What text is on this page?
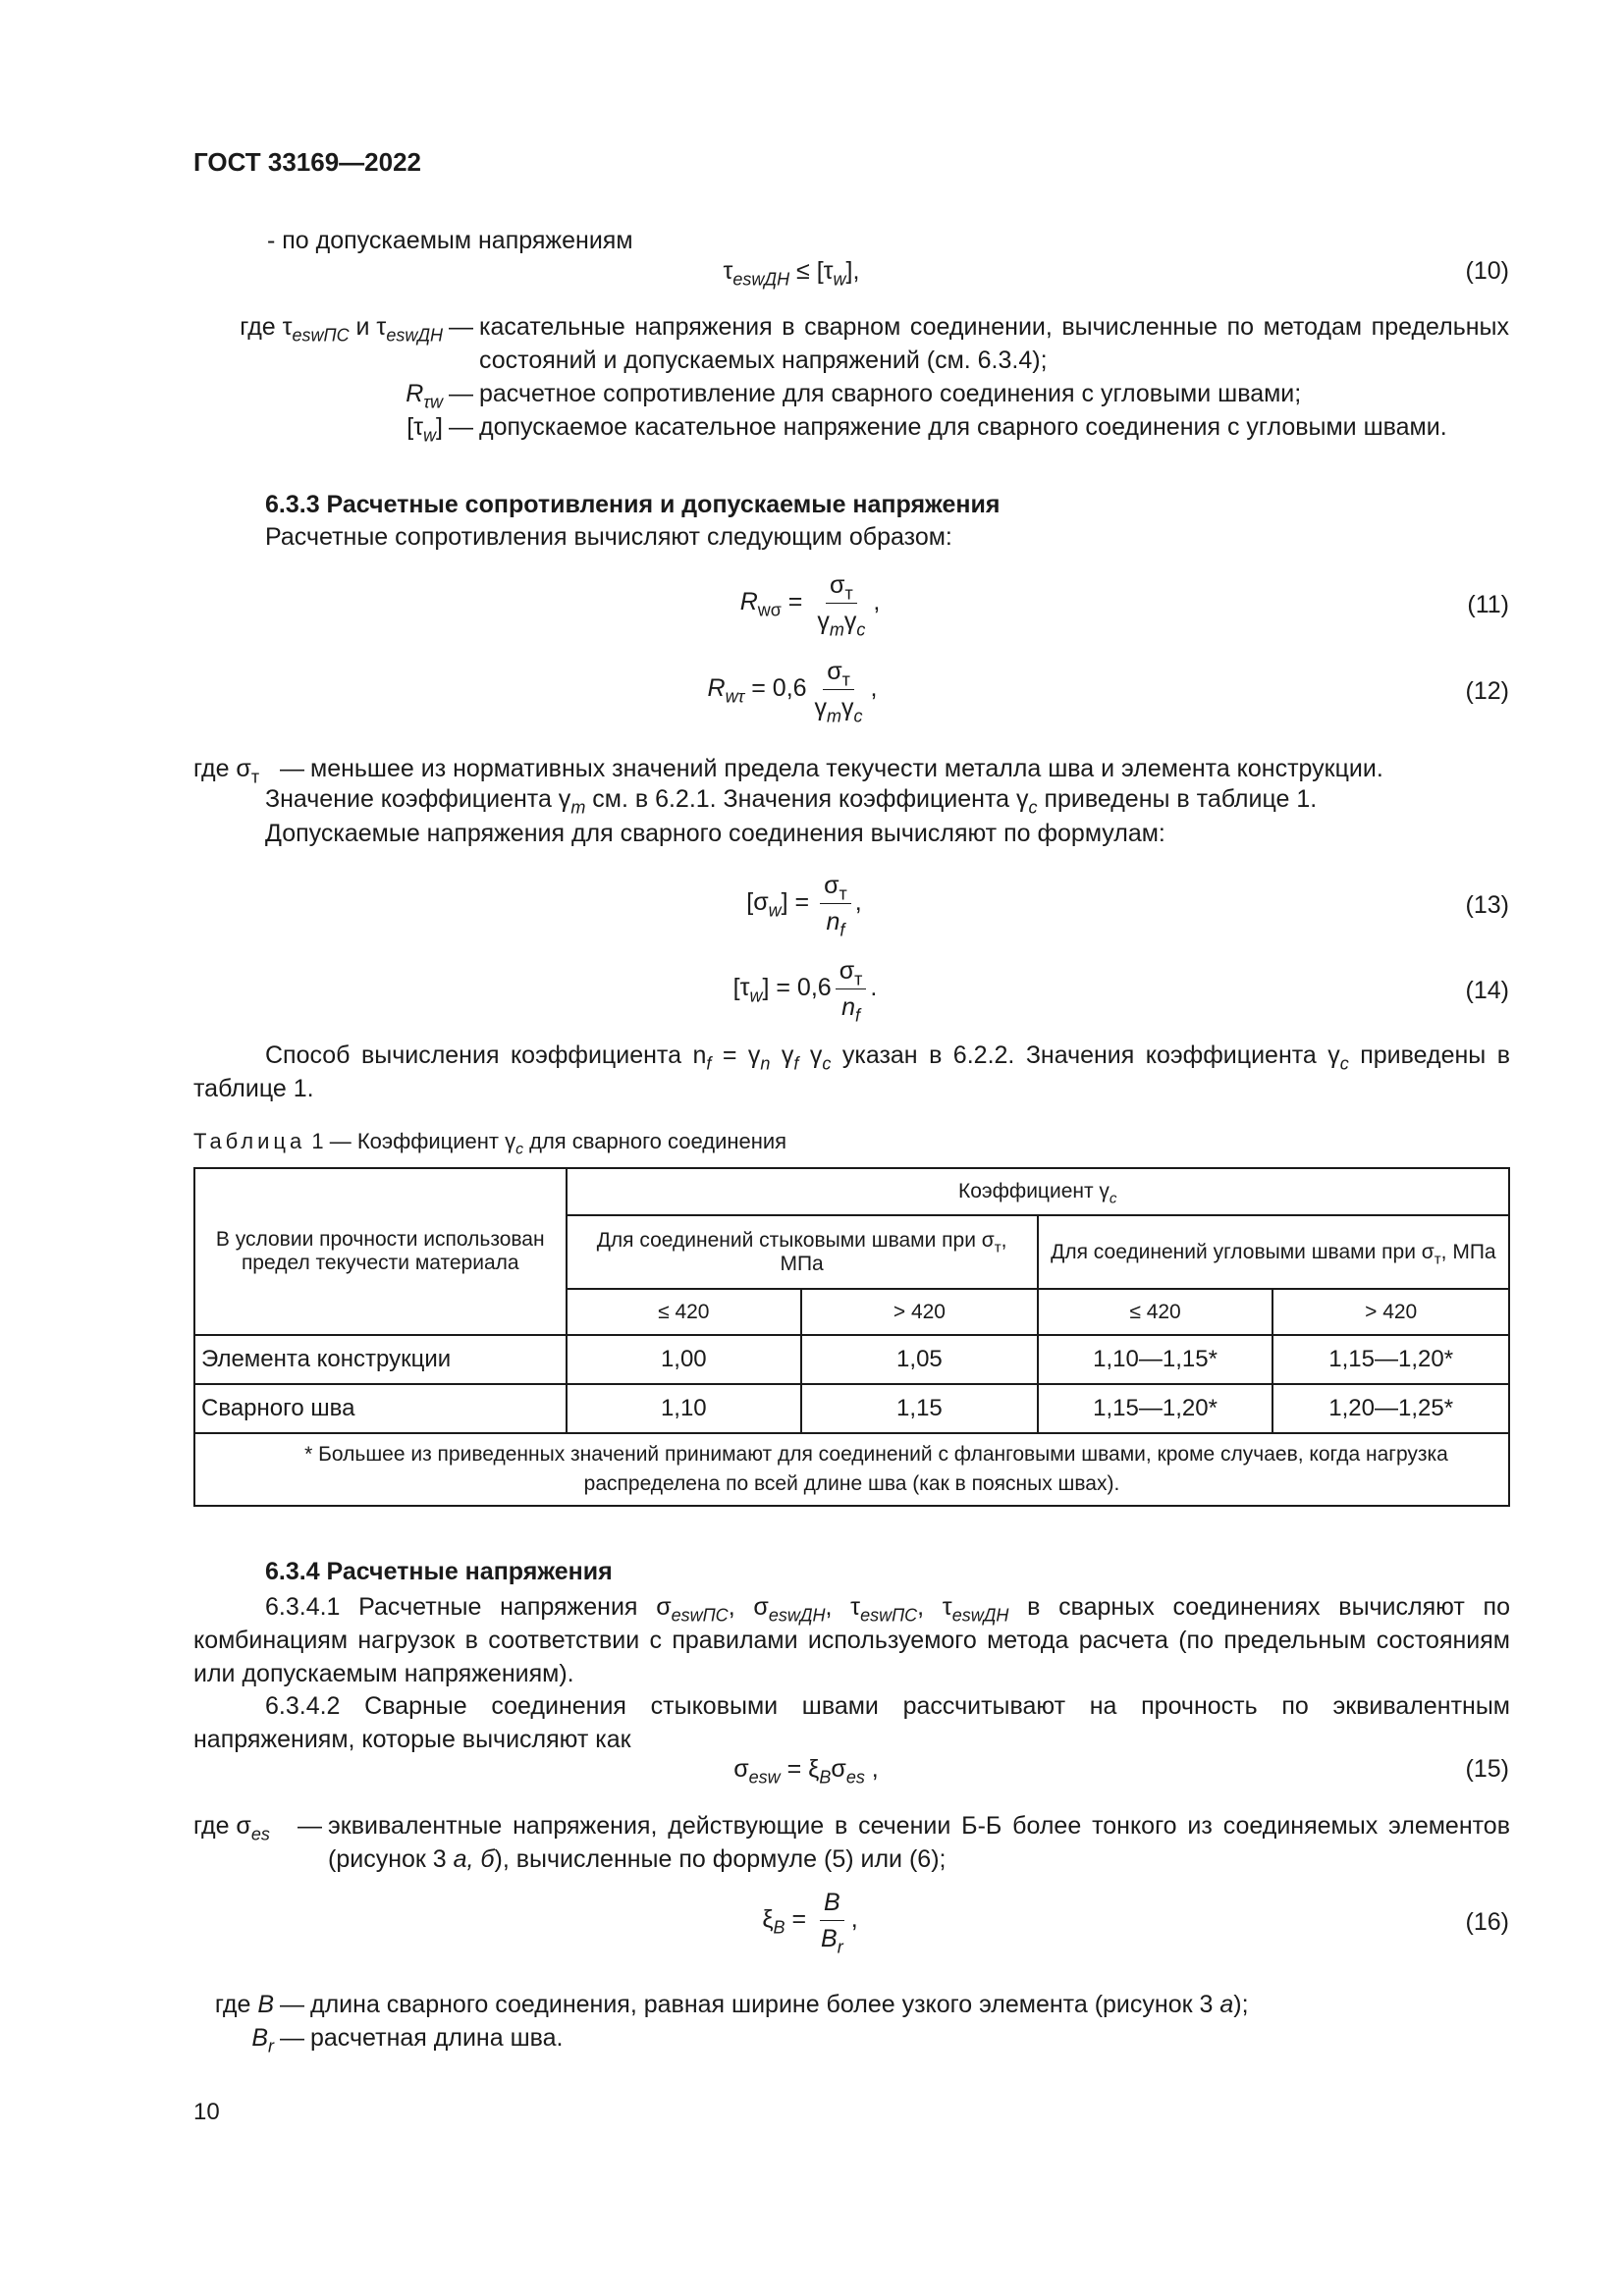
ГОСТ 33169—2022
- по допускаемым напряжениям
$\tau_{eswДН} \le [\tau_w]$,	(10)
где $\tau_{eswПС}$ и $\tau_{eswДН}$ — касательные напряжения в сварном соединении, вычисленные по методам предельных состояний и допускаемых напряжений (см. 6.3.4);
$R_{\tau w}$ — расчетное сопротивление для сварного соединения с угловыми швами;
$[\tau_w]$ — допускаемое касательное напряжение для сварного соединения с угловыми швами.
6.3.3 Расчетные сопротивления и допускаемые напряжения
Расчетные сопротивления вычисляют следующим образом:
$R_{w\sigma} = \frac{\sigma_т}{\gamma_m\gamma_c}$ ,	(11)
$R_{w\tau} = 0,6 \frac{\sigma_т}{\gamma_m\gamma_c}$ ,	(12)
где $\sigma_т$ — меньшее из нормативных значений предела текучести металла шва и элемента конструкции.
Значение коэффициента $\gamma_m$ см. в 6.2.1. Значения коэффициента $\gamma_c$ приведены в таблице 1.
Допускаемые напряжения для сварного соединения вычисляют по формулам:
$[\sigma_w] = \frac{\sigma_т}{n_f}$ ,	(13)
$[\tau_w] = 0,6 \frac{\sigma_т}{n_f}$ .	(14)
Способ вычисления коэффициента $n_f = \gamma_n$ $\gamma_f$ $\gamma_c$ указан в 6.2.2. Значения коэффициента $\gamma_c$ приведены в таблице 1.
Таблица 1 — Коэффициент $\gamma_c$ для сварного соединения
В условии прочности использован предел текучести материала	Коэффициент $\gamma_c$
	Для соединений стыковыми швами при $\sigma_т$, МПа		Для соединений угловыми швами при $\sigma_т$, МПа	
	≤ 420	> 420	≤ 420	> 420
Элемента конструкции	1,00	1,05	1,10—1,15*	1,15—1,20*
Сварного шва	1,10	1,15	1,15—1,20*	1,20—1,25*
* Большее из приведенных значений принимают для соединений с фланговыми швами, кроме случаев, когда нагрузка распределена по всей длине шва (как в поясных швах).				
6.3.4 Расчетные напряжения
6.3.4.1 Расчетные напряжения $\sigma_{eswПС}$, $\sigma_{eswДН}$, $\tau_{eswПС}$, $\tau_{eswДН}$ в сварных соединениях вычисляют по комбинациям нагрузок в соответствии с правилами используемого метода расчета (по предельным состояниям или допускаемым напряжениям).
6.3.4.2 Сварные соединения стыковыми швами рассчитывают на прочность по эквивалентным напряжениям, которые вычисляют как
$\sigma_{esw} = \xi_B\sigma_{es}$ ,	(15)
где $\sigma_{es}$	— эквивалентные напряжения, действующие в сечении Б-Б более тонкого из соединяемых элементов (рисунок 3 а, б), вычисленные по формуле (5) или (6);
$\xi_B = \frac{B}{B_r}$ ,	(16)
где B — длина сварного соединения, равная ширине более узкого элемента (рисунок 3 а);
$B_r$ — расчетная длина шва.
10
